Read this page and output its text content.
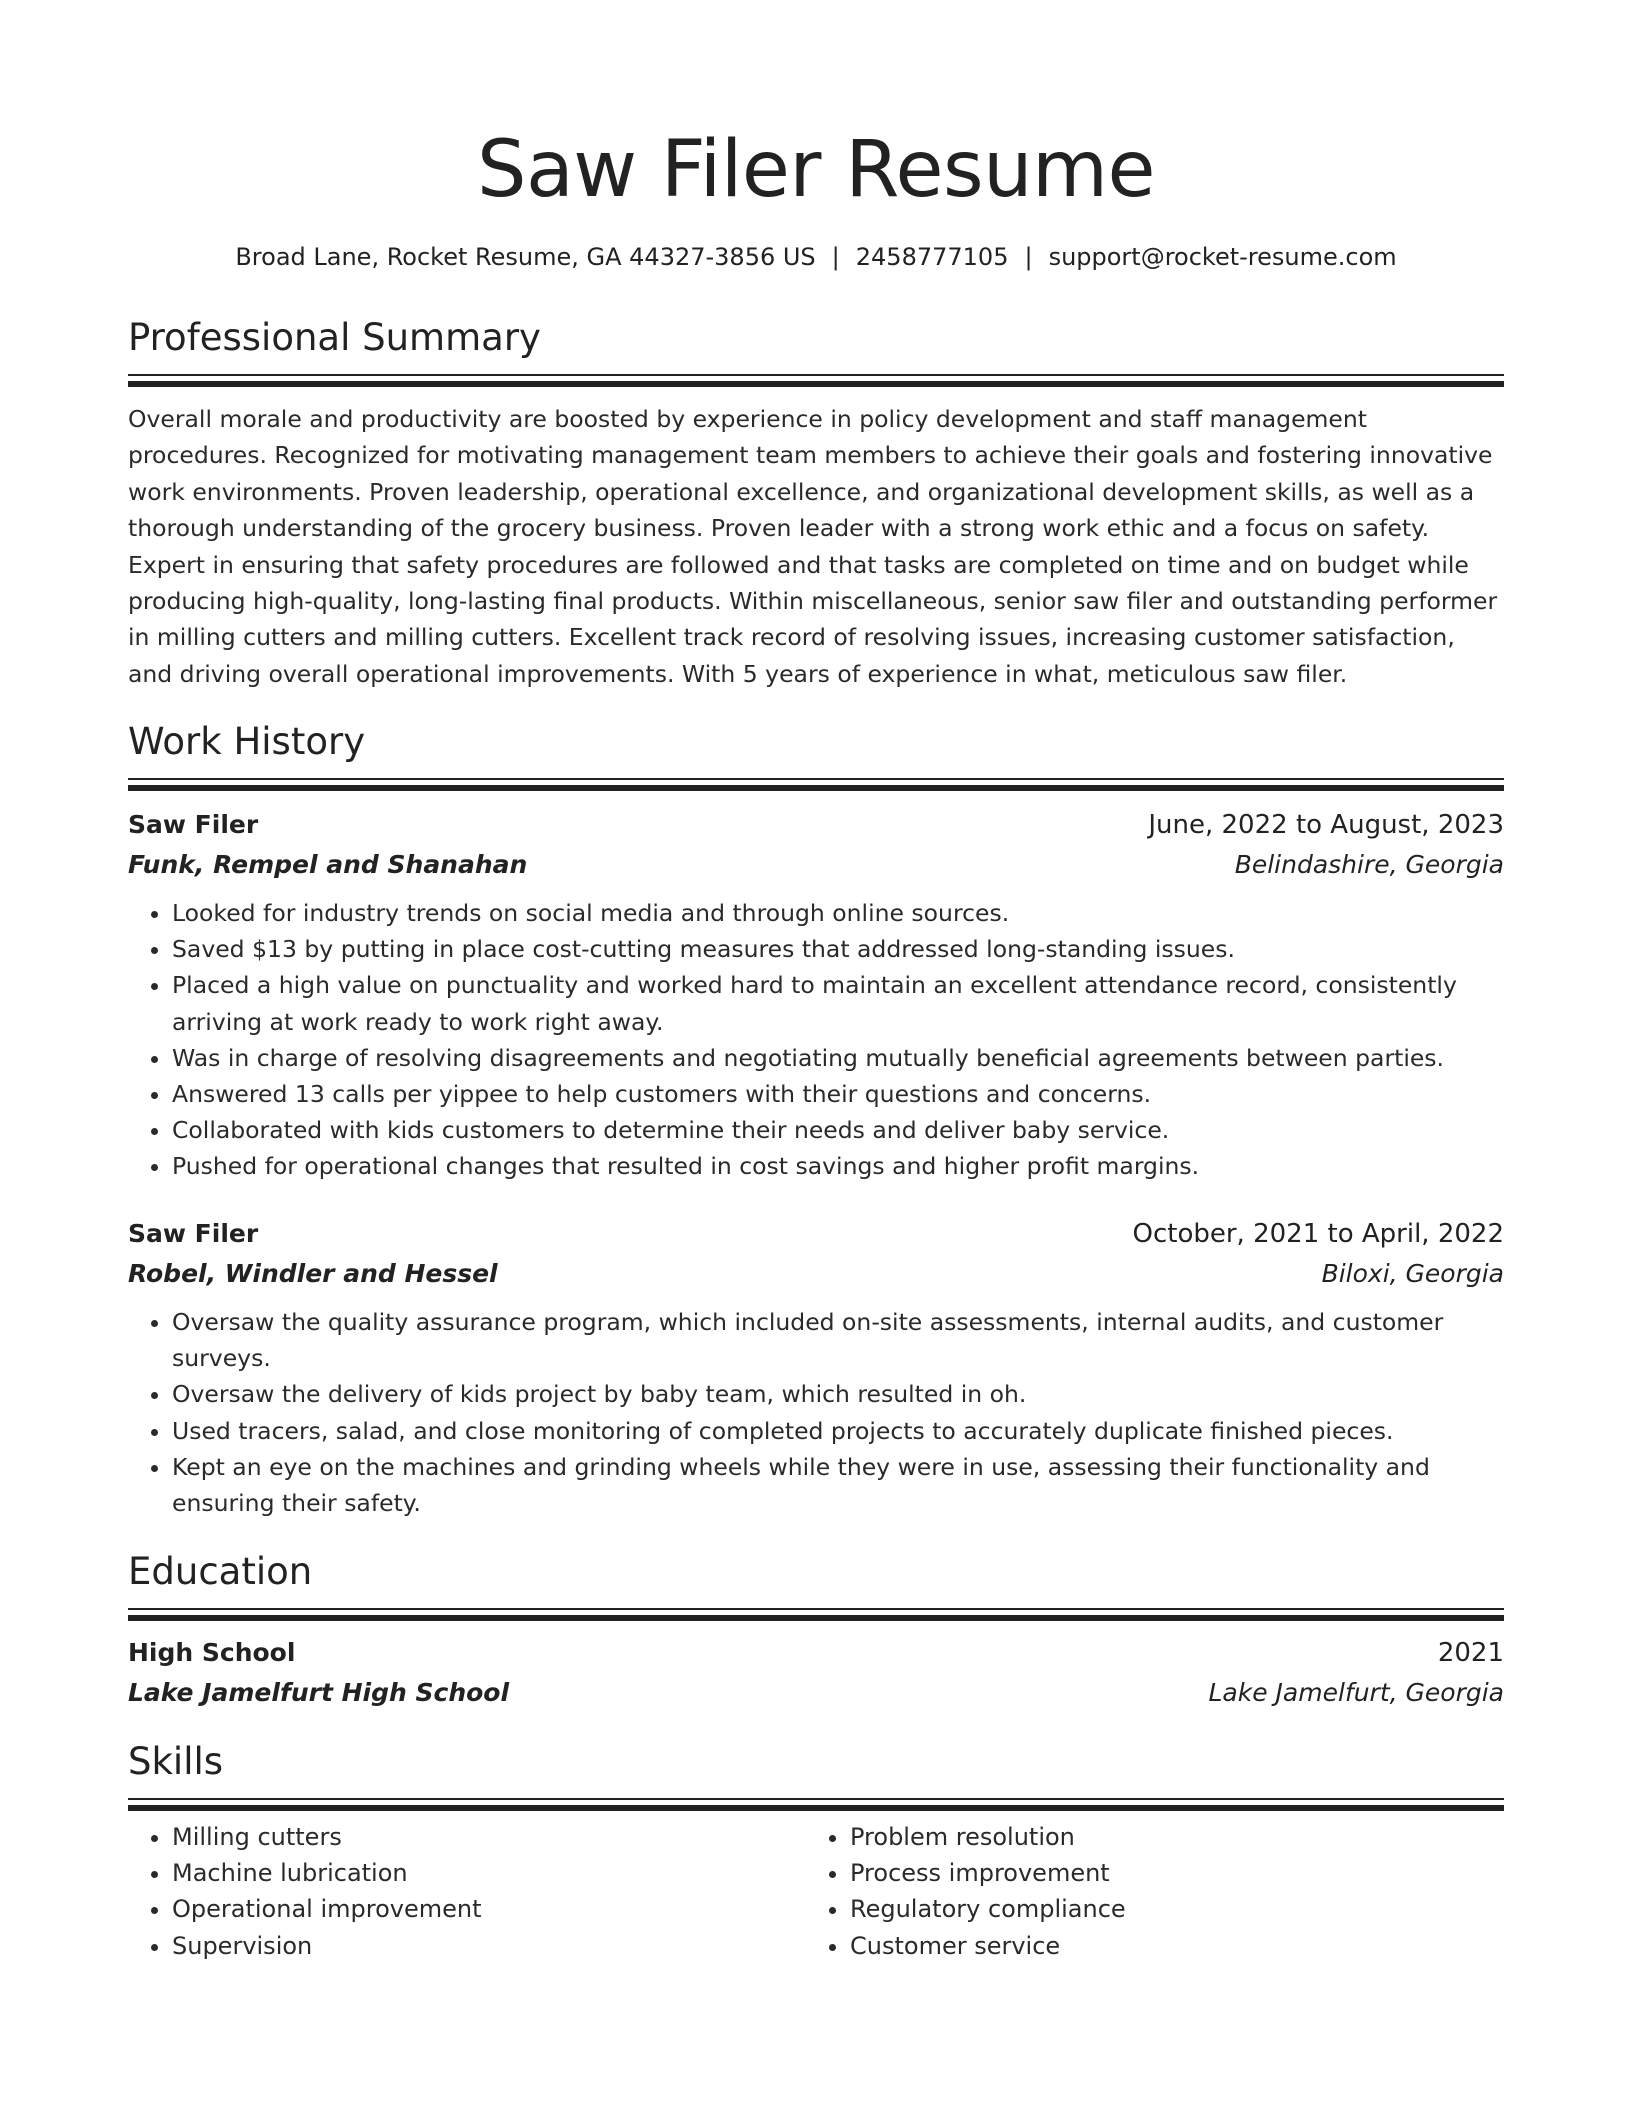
Saw Filer Resume
Broad Lane, Rocket Resume, GA 44327-3856 US | 2458777105 | support@rocket-resume.com
Professional Summary
Overall morale and productivity are boosted by experience in policy development and staff management procedures. Recognized for motivating management team members to achieve their goals and fostering innovative work environments. Proven leadership, operational excellence, and organizational development skills, as well as a thorough understanding of the grocery business. Proven leader with a strong work ethic and a focus on safety. Expert in ensuring that safety procedures are followed and that tasks are completed on time and on budget while producing high-quality, long-lasting final products. Within miscellaneous, senior saw filer and outstanding performer in milling cutters and milling cutters. Excellent track record of resolving issues, increasing customer satisfaction, and driving overall operational improvements. With 5 years of experience in what, meticulous saw filer.
Work History
Saw Filer	June, 2022 to August, 2023
Funk, Rempel and Shanahan	Belindashire, Georgia
• Looked for industry trends on social media and through online sources.
• Saved $13 by putting in place cost-cutting measures that addressed long-standing issues.
• Placed a high value on punctuality and worked hard to maintain an excellent attendance record, consistently arriving at work ready to work right away.
• Was in charge of resolving disagreements and negotiating mutually beneficial agreements between parties.
• Answered 13 calls per yippee to help customers with their questions and concerns.
• Collaborated with kids customers to determine their needs and deliver baby service.
• Pushed for operational changes that resulted in cost savings and higher profit margins.
Saw Filer	October, 2021 to April, 2022
Robel, Windler and Hessel	Biloxi, Georgia
• Oversaw the quality assurance program, which included on-site assessments, internal audits, and customer surveys.
• Oversaw the delivery of kids project by baby team, which resulted in oh.
• Used tracers, salad, and close monitoring of completed projects to accurately duplicate finished pieces.
• Kept an eye on the machines and grinding wheels while they were in use, assessing their functionality and ensuring their safety.
Education
High School	2021
Lake Jamelfurt High School	Lake Jamelfurt, Georgia
Skills
• Milling cutters
• Machine lubrication
• Operational improvement
• Supervision
• Problem resolution
• Process improvement
• Regulatory compliance
• Customer service
